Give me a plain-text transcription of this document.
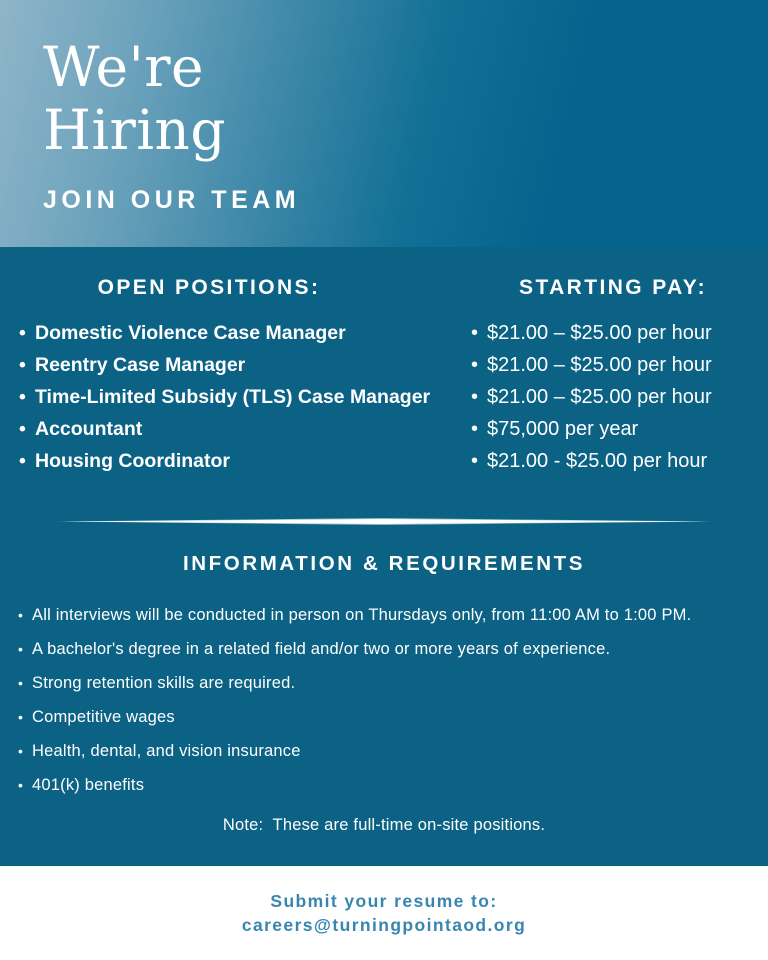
We're
Hiring
JOIN OUR TEAM
OPEN POSITIONS:
• Domestic Violence Case Manager
• Reentry Case Manager
• Time-Limited Subsidy (TLS) Case Manager
• Accountant
• Housing Coordinator
STARTING PAY:
• $21.00 – $25.00 per hour
• $21.00 – $25.00 per hour
• $21.00 – $25.00 per hour
• $75,000 per year
• $21.00 - $25.00 per hour
INFORMATION & REQUIREMENTS
• All interviews will be conducted in person on Thursdays only, from 11:00 AM to 1:00 PM.
• A bachelor's degree in a related field and/or two or more years of experience.
• Strong retention skills are required.
• Competitive wages
• Health, dental, and vision insurance
• 401(k) benefits
Note:  These are full-time on-site positions.
Submit your resume to:
careers@turningpointaod.org
